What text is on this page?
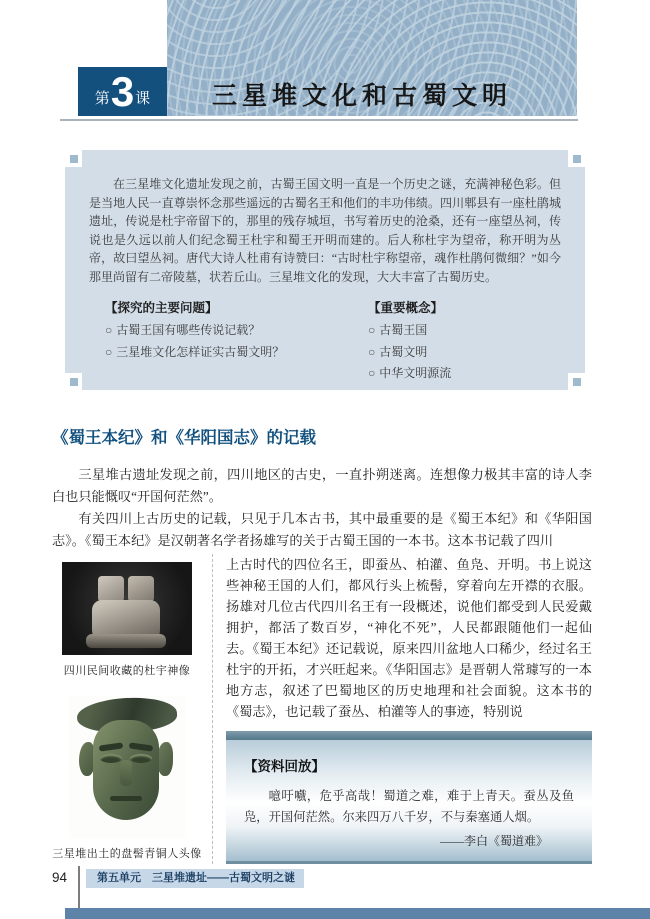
第 3 课 三星堆文化和古蜀文明
在三星堆文化遗址发现之前，古蜀王国文明一直是一个历史之谜，充满神秘色彩。但是当地人民一直尊崇怀念那些遥远的古蜀名王和他们的丰功伟绩。四川郫县有一座杜鹃城遗址，传说是杜宇帝留下的，那里的残存城垣，书写着历史的沧桑，还有一座望丛祠，传说也是久远以前人们纪念蜀王杜宇和蜀王开明而建的。后人称杜宇为望帝，称开明为丛帝，故曰望丛祠。唐代大诗人杜甫有诗赞曰：“古时杜宇称望帝，魂作杜鹃何微细？”如今那里尚留有二帝陵墓，状若丘山。三星堆文化的发现，大大丰富了古蜀历史。
【探究的主要问题】
○ 古蜀王国有哪些传说记载？
○ 三星堆文化怎样证实古蜀文明？
【重要概念】
○ 古蜀王国
○ 古蜀文明
○ 中华文明源流
《蜀王本纪》和《华阳国志》的记载

三星堆古遗址发现之前，四川地区的古史，一直扑朔迷离。连想像力极其丰富的诗人李白也只能慨叹“开国何茫然”。

有关四川上古历史的记载，只见于几本古书，其中最重要的是《蜀王本纪》和《华阳国志》。《蜀王本纪》是汉朝著名学者扬雄写的关于古蜀王国的一本书。这本书记载了四川

四川民间收藏的杜宇神像
三星堆出土的盘髻青铜人头像

上古时代的四位名王，即蚕丛、柏灌、鱼凫、开明。书上说这些神秘王国的人们，都风行头上梳髻，穿着向左开襟的衣服。扬雄对几位古代四川名王有一段概述，说他们都受到人民爱戴拥护，都活了数百岁，“神化不死”，人民都跟随他们一起仙去。《蜀王本纪》还记载说，原来四川盆地人口稀少，经过名王杜宇的开拓，才兴旺起来。《华阳国志》是晋朝人常璩写的一本地方志，叙述了巴蜀地区的历史地理和社会面貌。这本书的《蜀志》，也记载了蚕丛、柏灌等人的事迹，特别说

【资料回放】

噫吁嚱，危乎高哉！蜀道之难，难于上青天。蚕丛及鱼凫，开国何茫然。尔来四万八千岁，不与秦塞通人烟。

——李白《蜀道难》
94	第五单元　三星堆遗址——古蜀文明之谜
